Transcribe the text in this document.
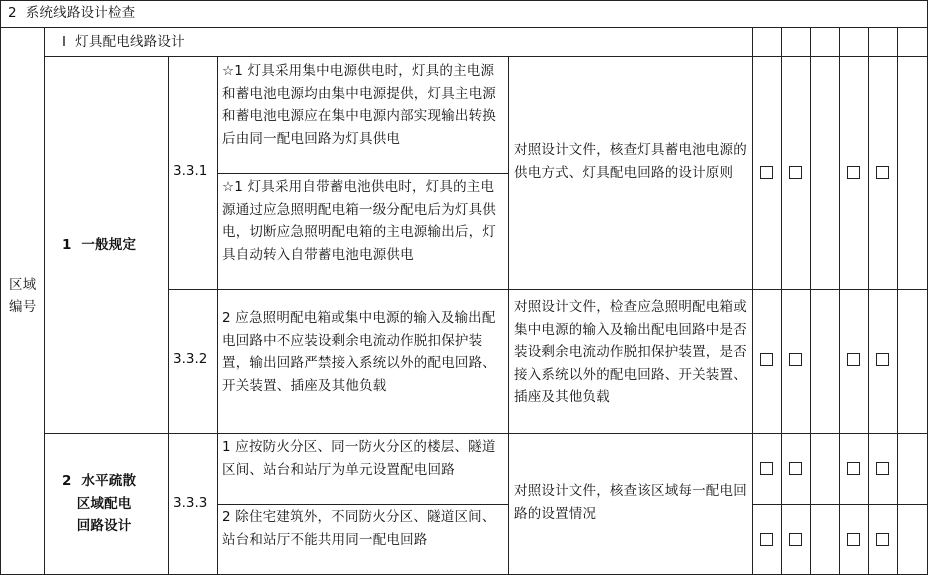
2  系统线路设计检查
区域
编号
Ⅰ  灯具配电线路设计
1  一般规定
2  水平疏散
区域配电
回路设计
3.3.1
3.3.2
3.3.3
☆1 灯具采用集中电源供电时，灯具的主电源和蓄电池电源均由集中电源提供，灯具主电源和蓄电池电源应在集中电源内部实现输出转换后由同一配电回路为灯具供电
☆1 灯具采用自带蓄电池供电时，灯具的主电源通过应急照明配电箱一级分配电后为灯具供电，切断应急照明配电箱的主电源输出后，灯具自动转入自带蓄电池电源供电
2 应急照明配电箱或集中电源的输入及输出配电回路中不应装设剩余电流动作脱扣保护装置，输出回路严禁接入系统以外的配电回路、开关装置、插座及其他负载
1 应按防火分区、同一防火分区的楼层、隧道区间、站台和站厅为单元设置配电回路
2 除住宅建筑外，不同防火分区、隧道区间、站台和站厅不能共用同一配电回路
对照设计文件，核查灯具蓄电池电源的供电方式、灯具配电回路的设计原则
对照设计文件，检查应急照明配电箱或集中电源的输入及输出配电回路中是否装设剩余电流动作脱扣保护装置，是否接入系统以外的配电回路、开关装置、插座及其他负载
对照设计文件，核查该区域每一配电回路的设置情况
